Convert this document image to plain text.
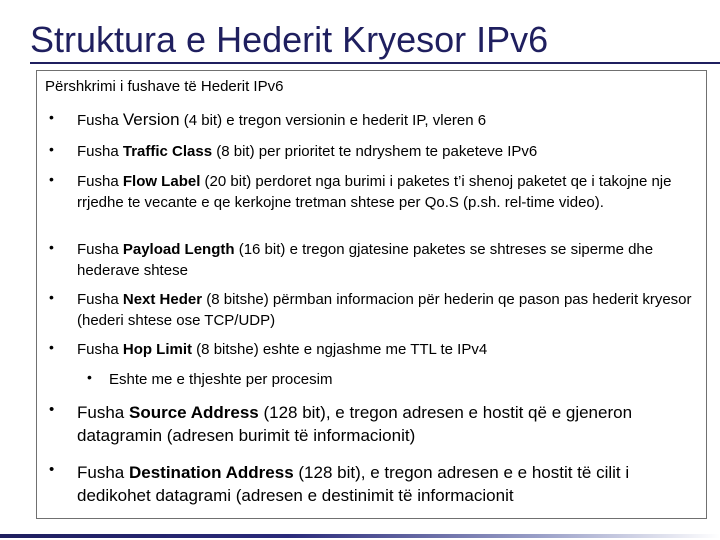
Struktura e Hederit Kryesor IPv6
Përshkrimi i fushave të Hederit IPv6
• Fusha Version (4 bit) e tregon versionin e hederit IP, vleren 6
• Fusha Traffic Class (8 bit) per prioritet te ndryshem te paketeve IPv6
• Fusha Flow Label (20 bit) perdoret nga burimi i paketes t’i shenoj paketet qe i takojne nje rrjedhe te vecante e qe kerkojne tretman shtese per Qo.S (p.sh. rel-time video).
• Fusha Payload Length (16 bit) e tregon gjatesine paketes se shtreses se siperme dhe hederave shtese
• Fusha Next Heder (8 bitshe) përmban informacion për hederin qe pason pas hederit kryesor (hederi shtese ose TCP/UDP)
• Fusha Hop Limit (8 bitshe) eshte e ngjashme me TTL te IPv4
• Eshte me e thjeshte per procesim
• Fusha Source Address (128 bit), e tregon adresen e hostit që e gjeneron datagramin (adresen burimit të informacionit)
• Fusha Destination Address (128 bit), e tregon adresen e e hostit të cilit i dedikohet datagrami (adresen e destinimit të informacionit
